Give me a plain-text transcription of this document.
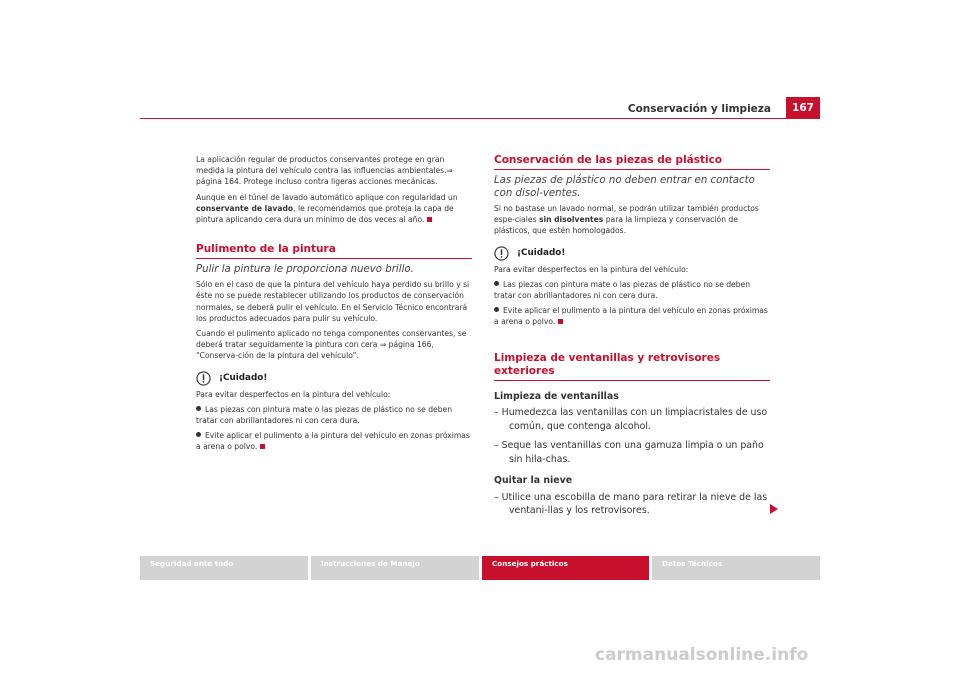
Conservación y limpieza	167

La aplicación regular de productos conservantes protege en gran medida la pintura del vehículo contra las influencias ambientales.⇒ página 164. Protege incluso contra ligeras acciones mecánicas.

Aunque en el túnel de lavado automático aplique con regularidad un conservante de lavado, le recomendamos que proteja la capa de pintura aplicando cera dura un mínimo de dos veces al año.

Pulimento de la pintura
Pulir la pintura le proporciona nuevo brillo.

Sólo en el caso de que la pintura del vehículo haya perdido su brillo y si éste no se puede restablecer utilizando los productos de conservación normales, se deberá pulir el vehículo. En el Servicio Técnico encontrará los productos adecuados para pulir su vehículo.

Cuando el pulimento aplicado no tenga componentes conservantes, se deberá tratar seguidamente la pintura con cera ⇒ página 166, “Conserva-ción de la pintura del vehículo”.

¡Cuidado!

Para evitar desperfectos en la pintura del vehículo:

Las piezas con pintura mate o las piezas de plástico no se deben tratar con abrillantadores ni con cera dura.

Evite aplicar el pulimento a la pintura del vehículo en zonas próximas a arena o polvo.

Conservación de las piezas de plástico
Las piezas de plástico no deben entrar en contacto con disol-ventes.

Si no bastase un lavado normal, se podrán utilizar también productos espe-ciales sin disolventes para la limpieza y conservación de plásticos, que estén homologados.

¡Cuidado!

Para evitar desperfectos en la pintura del vehículo:

Las piezas con pintura mate o las piezas de plástico no se deben tratar con abrillantadores ni con cera dura.

Evite aplicar el pulimento a la pintura del vehículo en zonas próximas a arena o polvo.

Limpieza de ventanillas y retrovisores exteriores
Limpieza de ventanillas
– Humedezca las ventanillas con un limpiacristales de uso común, que contenga alcohol.
– Seque las ventanillas con una gamuza limpia o un paño sin hila-chas.
Quitar la nieve
– Utilice una escobilla de mano para retirar la nieve de las ventani-llas y los retrovisores.
Seguridad ante todo	Instrucciones de Manejo	Consejos prácticos	Datos Técnicos
carmanualsonline.info
